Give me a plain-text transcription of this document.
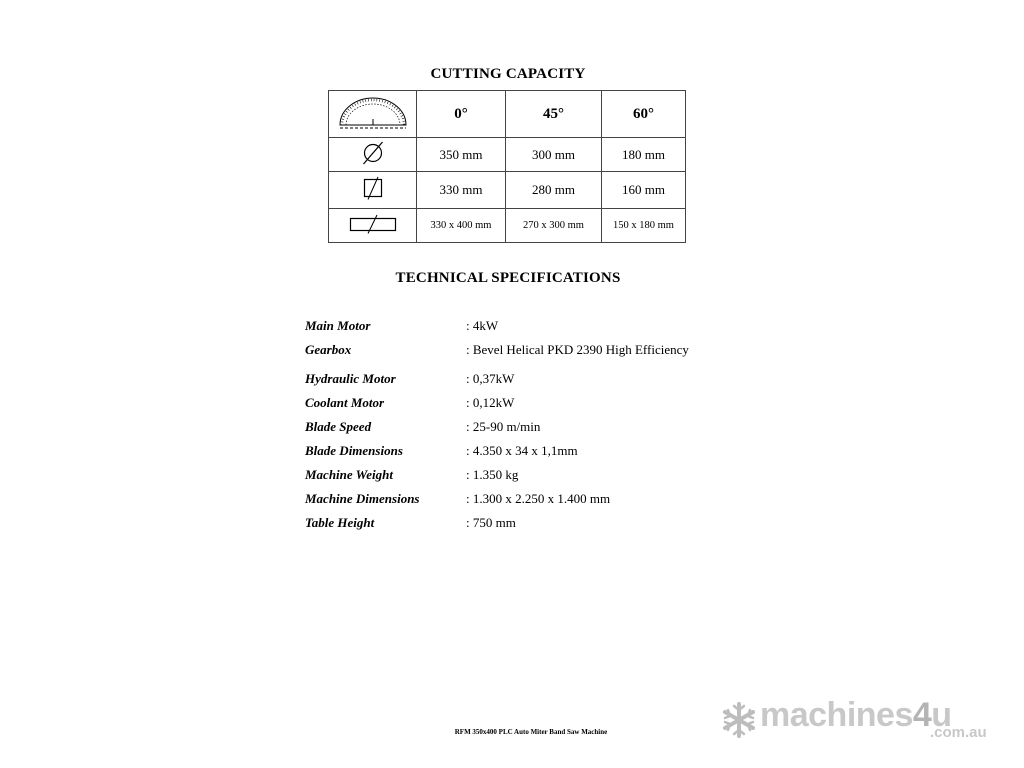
CUTTING CAPACITY
	0°	45°	60°
	350 mm	300 mm	180 mm
	330 mm	280 mm	160 mm
	330 x 400 mm	270 x 300 mm	150 x 180 mm
TECHNICAL SPECIFICATIONS
Main Motor	: 4kW
Gearbox	: Bevel Helical PKD 2390 High Efficiency
Hydraulic Motor	: 0,37kW
Coolant Motor	: 0,12kW
Blade Speed	: 25-90 m/min
Blade Dimensions	: 4.350 x 34 x 1,1mm
Machine Weight	: 1.350 kg
Machine Dimensions	: 1.300 x 2.250 x 1.400 mm
Table Height	: 750 mm
RFM 350x400 PLC Auto Miter Band Saw Machine	machines4u
.com.au
